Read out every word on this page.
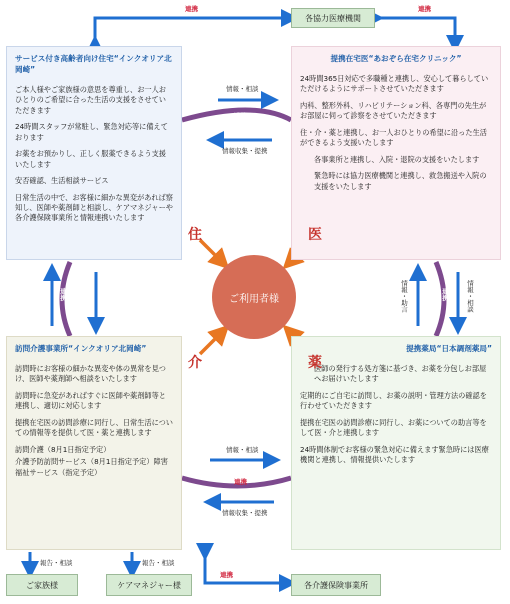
各協力医療機関
連携	連携
サービス付き高齢者向け住宅“インクオリア北岡崎”

ご本人様やご家族様の意思を尊重し、お一人おひとりのご希望に合った生活の支援をさせていただきます

24時間スタッフが常駐し、緊急対応等に備えております

お薬をお預かりし、正しく服薬できるよう支援いたします

安否確認、生活相談サービス

日常生活の中で、お客様に細かな異変があれば察知し、医師や薬剤師と相談し、ケアマネジャーや各介護保険事業所と情報連携いたします

提携在宅医“あおぞら在宅クリニック”

24時間365日対応で多職種と連携し、安心して暮らしていただけるようにサポートさせていただきます

内科、整形外科、リハビリテーション科、各専門の先生がお部屋に伺って診察をさせていただきます

住・介・薬と連携し、お一人おひとりの希望に沿った生活ができるよう支援いたします

各事業所と連携し、入院・退院の支援をいたします

緊急時には協力医療機関と連携し、救急搬送や入院の支援をいたします

訪問介護事業所“インクオリア北岡崎”

訪問時にお客様の細かな異変や体の異常を見つけ、医師や薬剤師へ相談をいたします

訪問時に急変があればすぐに医師や薬剤師等と連携し、適切に対応します

提携在宅医の訪問診療に同行し、日常生活についての情報等を提供して医・薬と連携します

訪問介護（8月1日指定予定）

介護予防訪問サービス（8月1日指定予定）障害福祉サービス（指定予定）

提携薬局“日本調剤薬局”

医師の発行する処方箋に基づき、お薬を分包しお部屋へお届けいたします

定期的にご自宅に訪問し、お薬の説明・管理方法の確認を行わせていただきます

提携在宅医の訪問診療に同行し、お薬についての助言等をして医・介と連携します

24時間体制でお客様の緊急対応に備えます緊急時には医療機関と連携し、情報提供いたします

ご利用者様
住	医
介	薬
情報・相談
連携
情報収集・提携
情報・相談
連携
情報収集・提携
連携	情報・助言	連携	情報・相談
報告・相談	報告・相談
連携
ご家族様	ケアマネジャー様	各介護保険事業所
